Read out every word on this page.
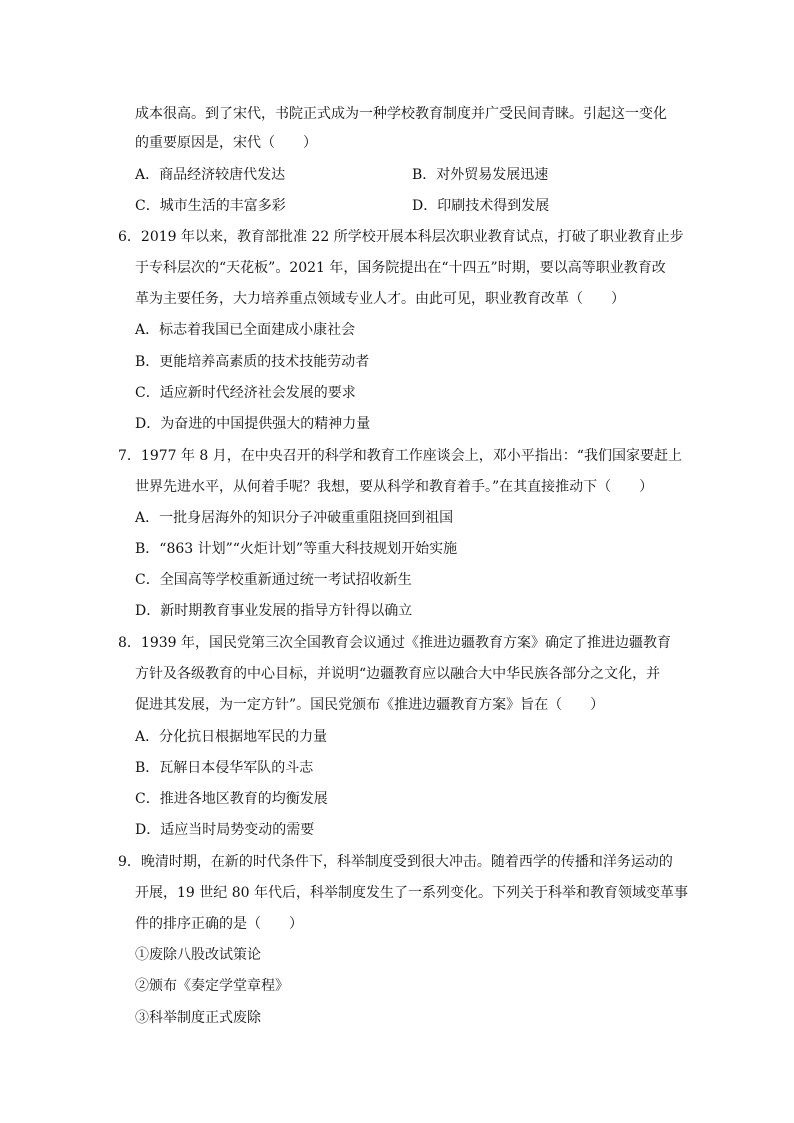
成本很高。到了宋代，书院正式成为一种学校教育制度并广受民间青睐。引起这一变化
的重要原因是，宋代（　　）
A．商品经济较唐代发达	B．对外贸易发展迅速
C．城市生活的丰富多彩	D．印刷技术得到发展
6．2019 年以来，教育部批准 22 所学校开展本科层次职业教育试点，打破了职业教育止步
于专科层次的“天花板”。2021 年，国务院提出在“十四五”时期，要以高等职业教育改
革为主要任务，大力培养重点领域专业人才。由此可见，职业教育改革（　　）
A．标志着我国已全面建成小康社会
B．更能培养高素质的技术技能劳动者
C．适应新时代经济社会发展的要求
D．为奋进的中国提供强大的精神力量
7．1977 年 8 月，在中央召开的科学和教育工作座谈会上，邓小平指出：“我们国家要赶上
世界先进水平，从何着手呢？我想，要从科学和教育着手。”在其直接推动下（　　）
A．一批身居海外的知识分子冲破重重阻挠回到祖国
B．“863 计划”“火炬计划”等重大科技规划开始实施
C．全国高等学校重新通过统一考试招收新生
D．新时期教育事业发展的指导方针得以确立
8．1939 年，国民党第三次全国教育会议通过《推进边疆教育方案》确定了推进边疆教育
方针及各级教育的中心目标，并说明“边疆教育应以融合大中华民族各部分之文化，并
促进其发展，为一定方针”。国民党颁布《推进边疆教育方案》旨在（　　）
A．分化抗日根据地军民的力量
B．瓦解日本侵华军队的斗志
C．推进各地区教育的均衡发展
D．适应当时局势变动的需要
9．晚清时期，在新的时代条件下，科举制度受到很大冲击。随着西学的传播和洋务运动的
开展，19 世纪 80 年代后，科举制度发生了一系列变化。下列关于科举和教育领域变革事
件的排序正确的是（　　）
①废除八股改试策论
②颁布《奏定学堂章程》
③科举制度正式废除
